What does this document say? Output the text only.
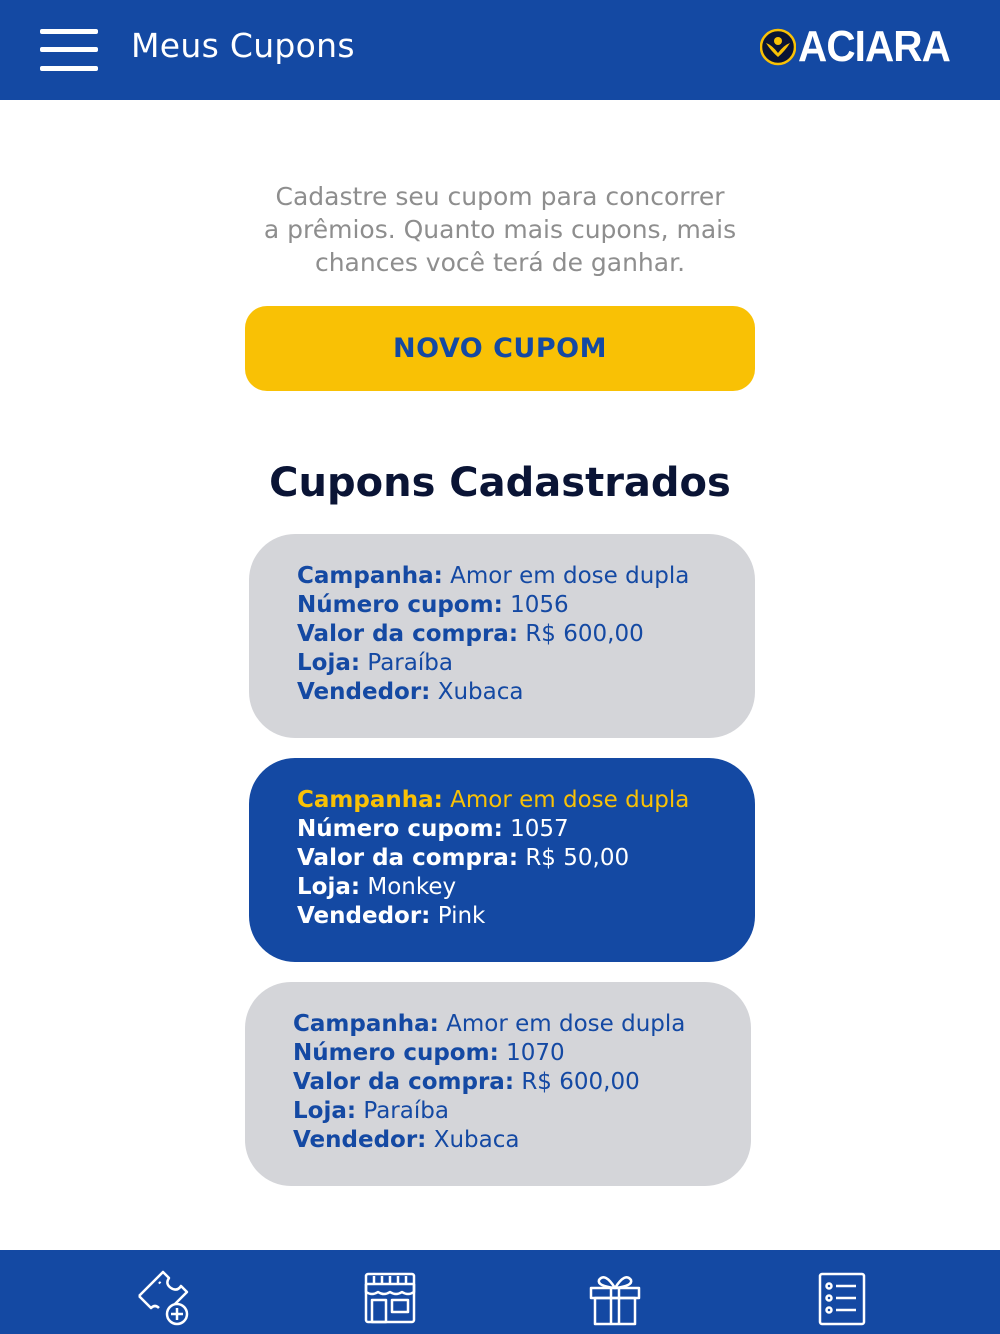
Meus Cupons	ACIARA
Cadastre seu cupom para concorrer
a prêmios. Quanto mais cupons, mais
chances você terá de ganhar.
NOVO CUPOM
Cupons Cadastrados
Campanha: Amor em dose dupla
Número cupom: 1056
Valor da compra: R$ 600,00
Loja: Paraíba
Vendedor: Xubaca
Campanha: Amor em dose dupla
Número cupom: 1057
Valor da compra: R$ 50,00
Loja: Monkey
Vendedor: Pink
Campanha: Amor em dose dupla
Número cupom: 1070
Valor da compra: R$ 600,00
Loja: Paraíba
Vendedor: Xubaca
